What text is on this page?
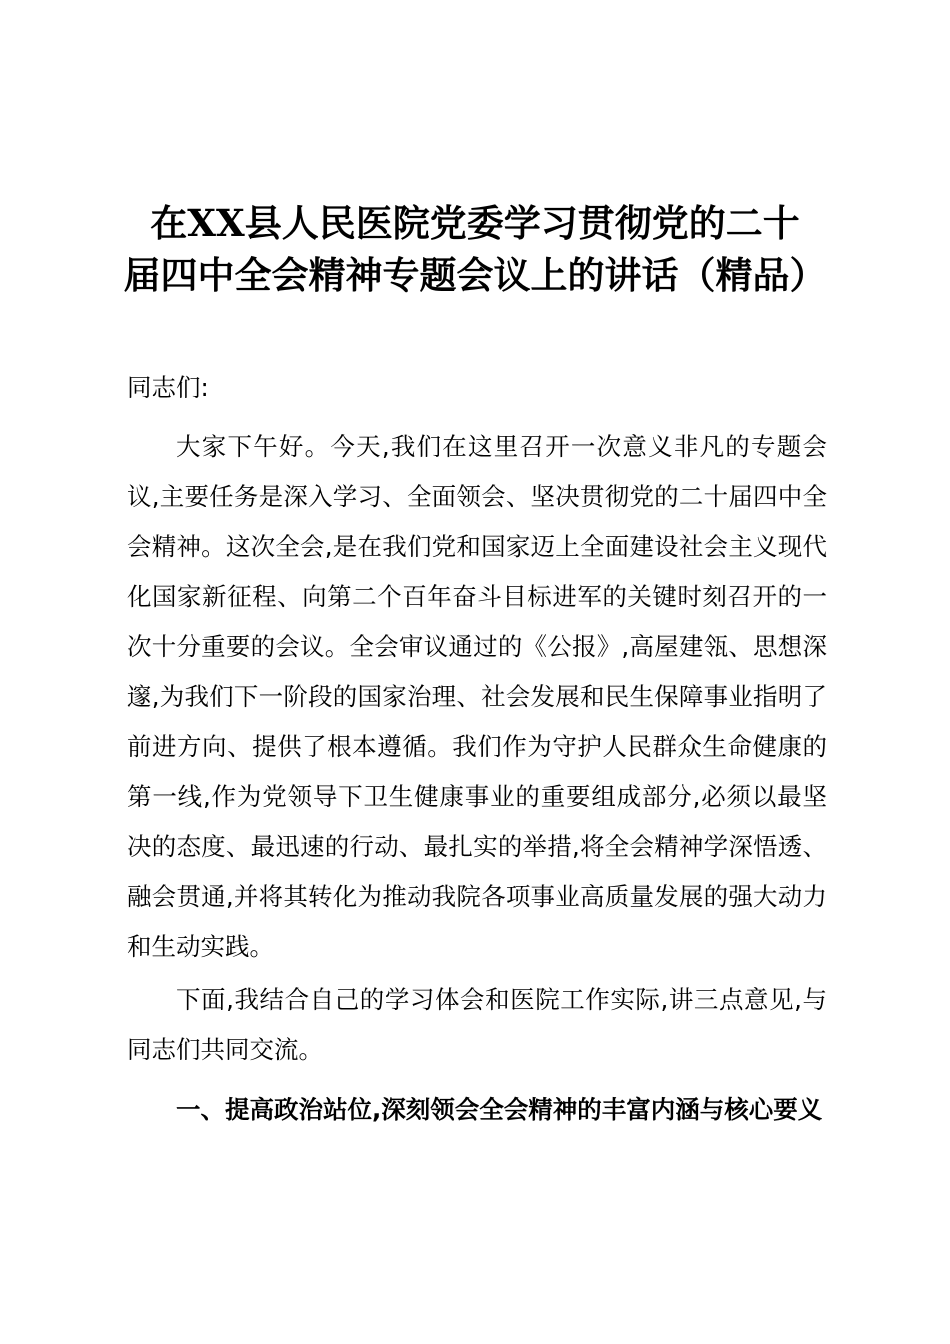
在XX县人民医院党委学习贯彻党的二十
届四中全会精神专题会议上的讲话（精品）

同志们:

大家下午好。今天,我们在这里召开一次意义非凡的专题会议,主要任务是深入学习、全面领会、坚决贯彻党的二十届四中全会精神。这次全会,是在我们党和国家迈上全面建设社会主义现代化国家新征程、向第二个百年奋斗目标进军的关键时刻召开的一次十分重要的会议。全会审议通过的《公报》,高屋建瓴、思想深邃,为我们下一阶段的国家治理、社会发展和民生保障事业指明了前进方向、提供了根本遵循。我们作为守护人民群众生命健康的第一线,作为党领导下卫生健康事业的重要组成部分,必须以最坚决的态度、最迅速的行动、最扎实的举措,将全会精神学深悟透、融会贯通,并将其转化为推动我院各项事业高质量发展的强大动力和生动实践。

下面,我结合自己的学习体会和医院工作实际,讲三点意见,与同志们共同交流。

一、提高政治站位,深刻领会全会精神的丰富内涵与核心要义
